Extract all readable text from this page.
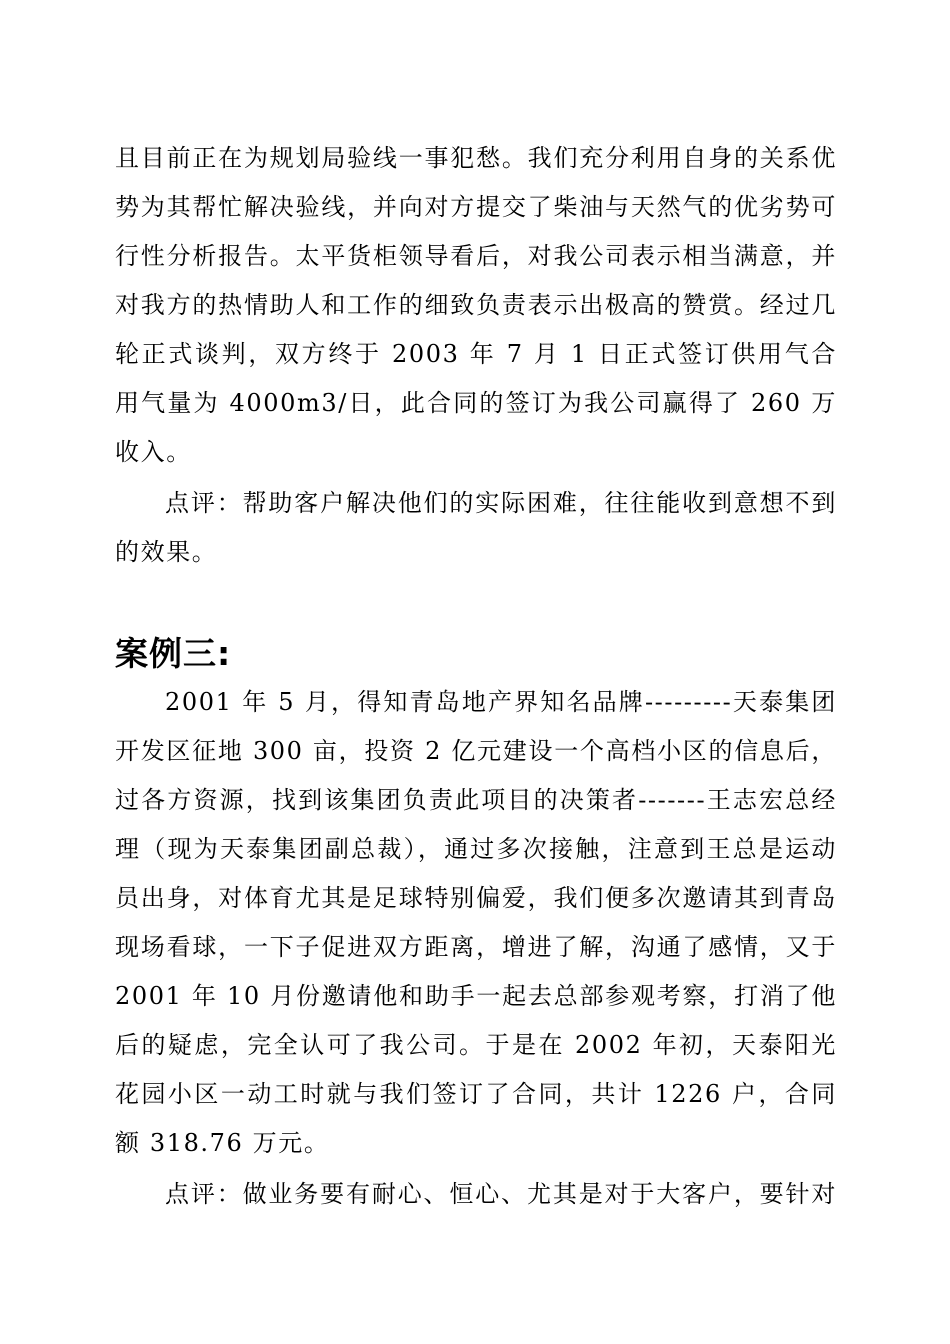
且目前正在为规划局验线一事犯愁。我们充分利用自身的关系优
势为其帮忙解决验线，并向对方提交了柴油与天然气的优劣势可
行性分析报告。太平货柜领导看后，对我公司表示相当满意，并
对我方的热情助人和工作的细致负责表示出极高的赞赏。经过几
轮正式谈判，双方终于 2003 年 7 月 1 日正式签订供用气合
用气量为 4000m3/日，此合同的签订为我公司赢得了 260 万
收入。
点评：帮助客户解决他们的实际困难，往往能收到意想不到
的效果。
案例三:
2001 年 5 月，得知青岛地产界知名品牌---------天泰集团
开发区征地 300 亩，投资 2 亿元建设一个高档小区的信息后，
过各方资源，找到该集团负责此项目的决策者-------王志宏总经
理（现为天泰集团副总裁），通过多次接触，注意到王总是运动
员出身，对体育尤其是足球特别偏爱，我们便多次邀请其到青岛
现场看球，一下子促进双方距离，增进了解，沟通了感情，又于
2001 年 10 月份邀请他和助手一起去总部参观考察，打消了他
后的疑虑，完全认可了我公司。于是在 2002 年初，天泰阳光
花园小区一动工时就与我们签订了合同，共计 1226 户，合同
额 318.76 万元。
点评：做业务要有耐心、恒心、尤其是对于大客户，要针对
